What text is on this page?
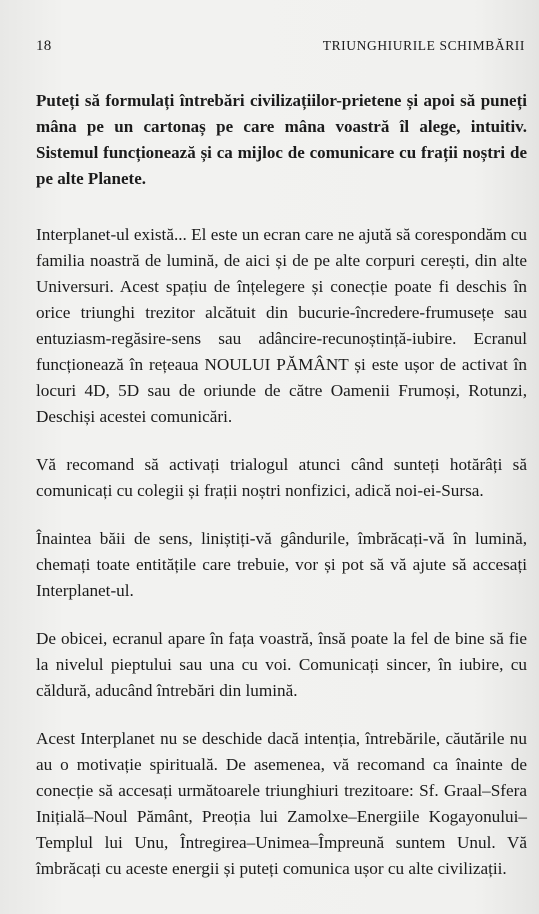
18	TRIUNGHIURILE SCHIMBĂRII

Puteți să formulați întrebări civilizațiilor-prietene și apoi să puneți mâna pe un cartonaș pe care mâna voastră îl alege, intuitiv. Sistemul funcționează și ca mijloc de comunicare cu frații noștri de pe alte Planete.

Interplanet-ul există... El este un ecran care ne ajută să corespondăm cu familia noastră de lumină, de aici și de pe alte corpuri cerești, din alte Universuri. Acest spațiu de înțelegere și conecție poate fi deschis în orice triunghi trezitor alcătuit din bucurie-încredere-frumusețe sau entuziasm-regăsire-sens sau adâncire-recunoștință-iubire. Ecranul funcționează în rețeaua NOULUI PĂMÂNT și este ușor de activat în locuri 4D, 5D sau de oriunde de către Oamenii Frumoși, Rotunzi, Deschiși acestei comunicări.

Vă recomand să activați trialogul atunci când sunteți hotărâți să comunicați cu colegii și frații noștri nonfizici, adică noi-ei-Sursa.

Înaintea băii de sens, liniștiți-vă gândurile, îmbrăcați-vă în lumină, chemați toate entitățile care trebuie, vor și pot să vă ajute să accesați Interplanet-ul.

De obicei, ecranul apare în fața voastră, însă poate la fel de bine să fie la nivelul pieptului sau una cu voi. Comunicați sincer, în iubire, cu căldură, aducând întrebări din lumină.

Acest Interplanet nu se deschide dacă intenția, întrebările, căutările nu au o motivație spirituală. De asemenea, vă recomand ca înainte de conecție să accesați următoarele triunghiuri trezitoare: Sf. Graal–Sfera Inițială–Noul Pământ, Preoția lui Zamolxe–Energiile Kogayonului–Templul lui Unu, Întregirea–Unimea–Împreună suntem Unul. Vă îmbrăcați cu aceste energii și puteți comunica ușor cu alte civilizații.
